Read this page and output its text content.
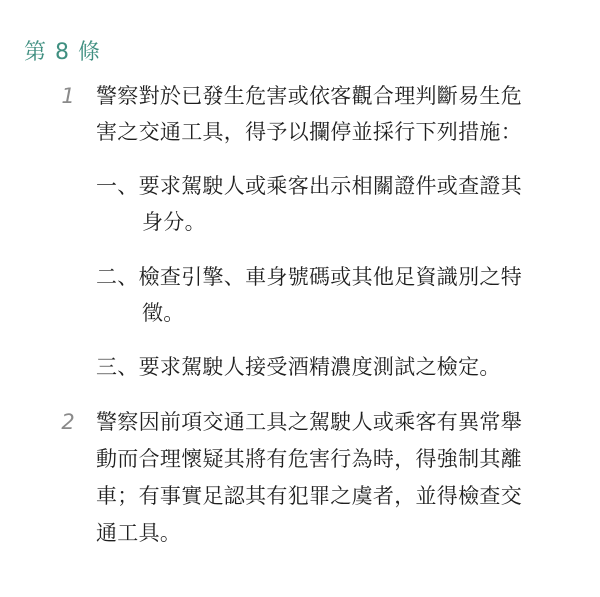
第 8 條
1 警察對於已發生危害或依客觀合理判斷易生危
害之交通工具，得予以攔停並採行下列措施：
一、要求駕駛人或乘客出示相關證件或查證其
身分。
二、檢查引擎、車身號碼或其他足資識別之特
徵。
三、要求駕駛人接受酒精濃度測試之檢定。
2 警察因前項交通工具之駕駛人或乘客有異常舉
動而合理懷疑其將有危害行為時，得強制其離
車；有事實足認其有犯罪之虞者，並得檢查交
通工具。
